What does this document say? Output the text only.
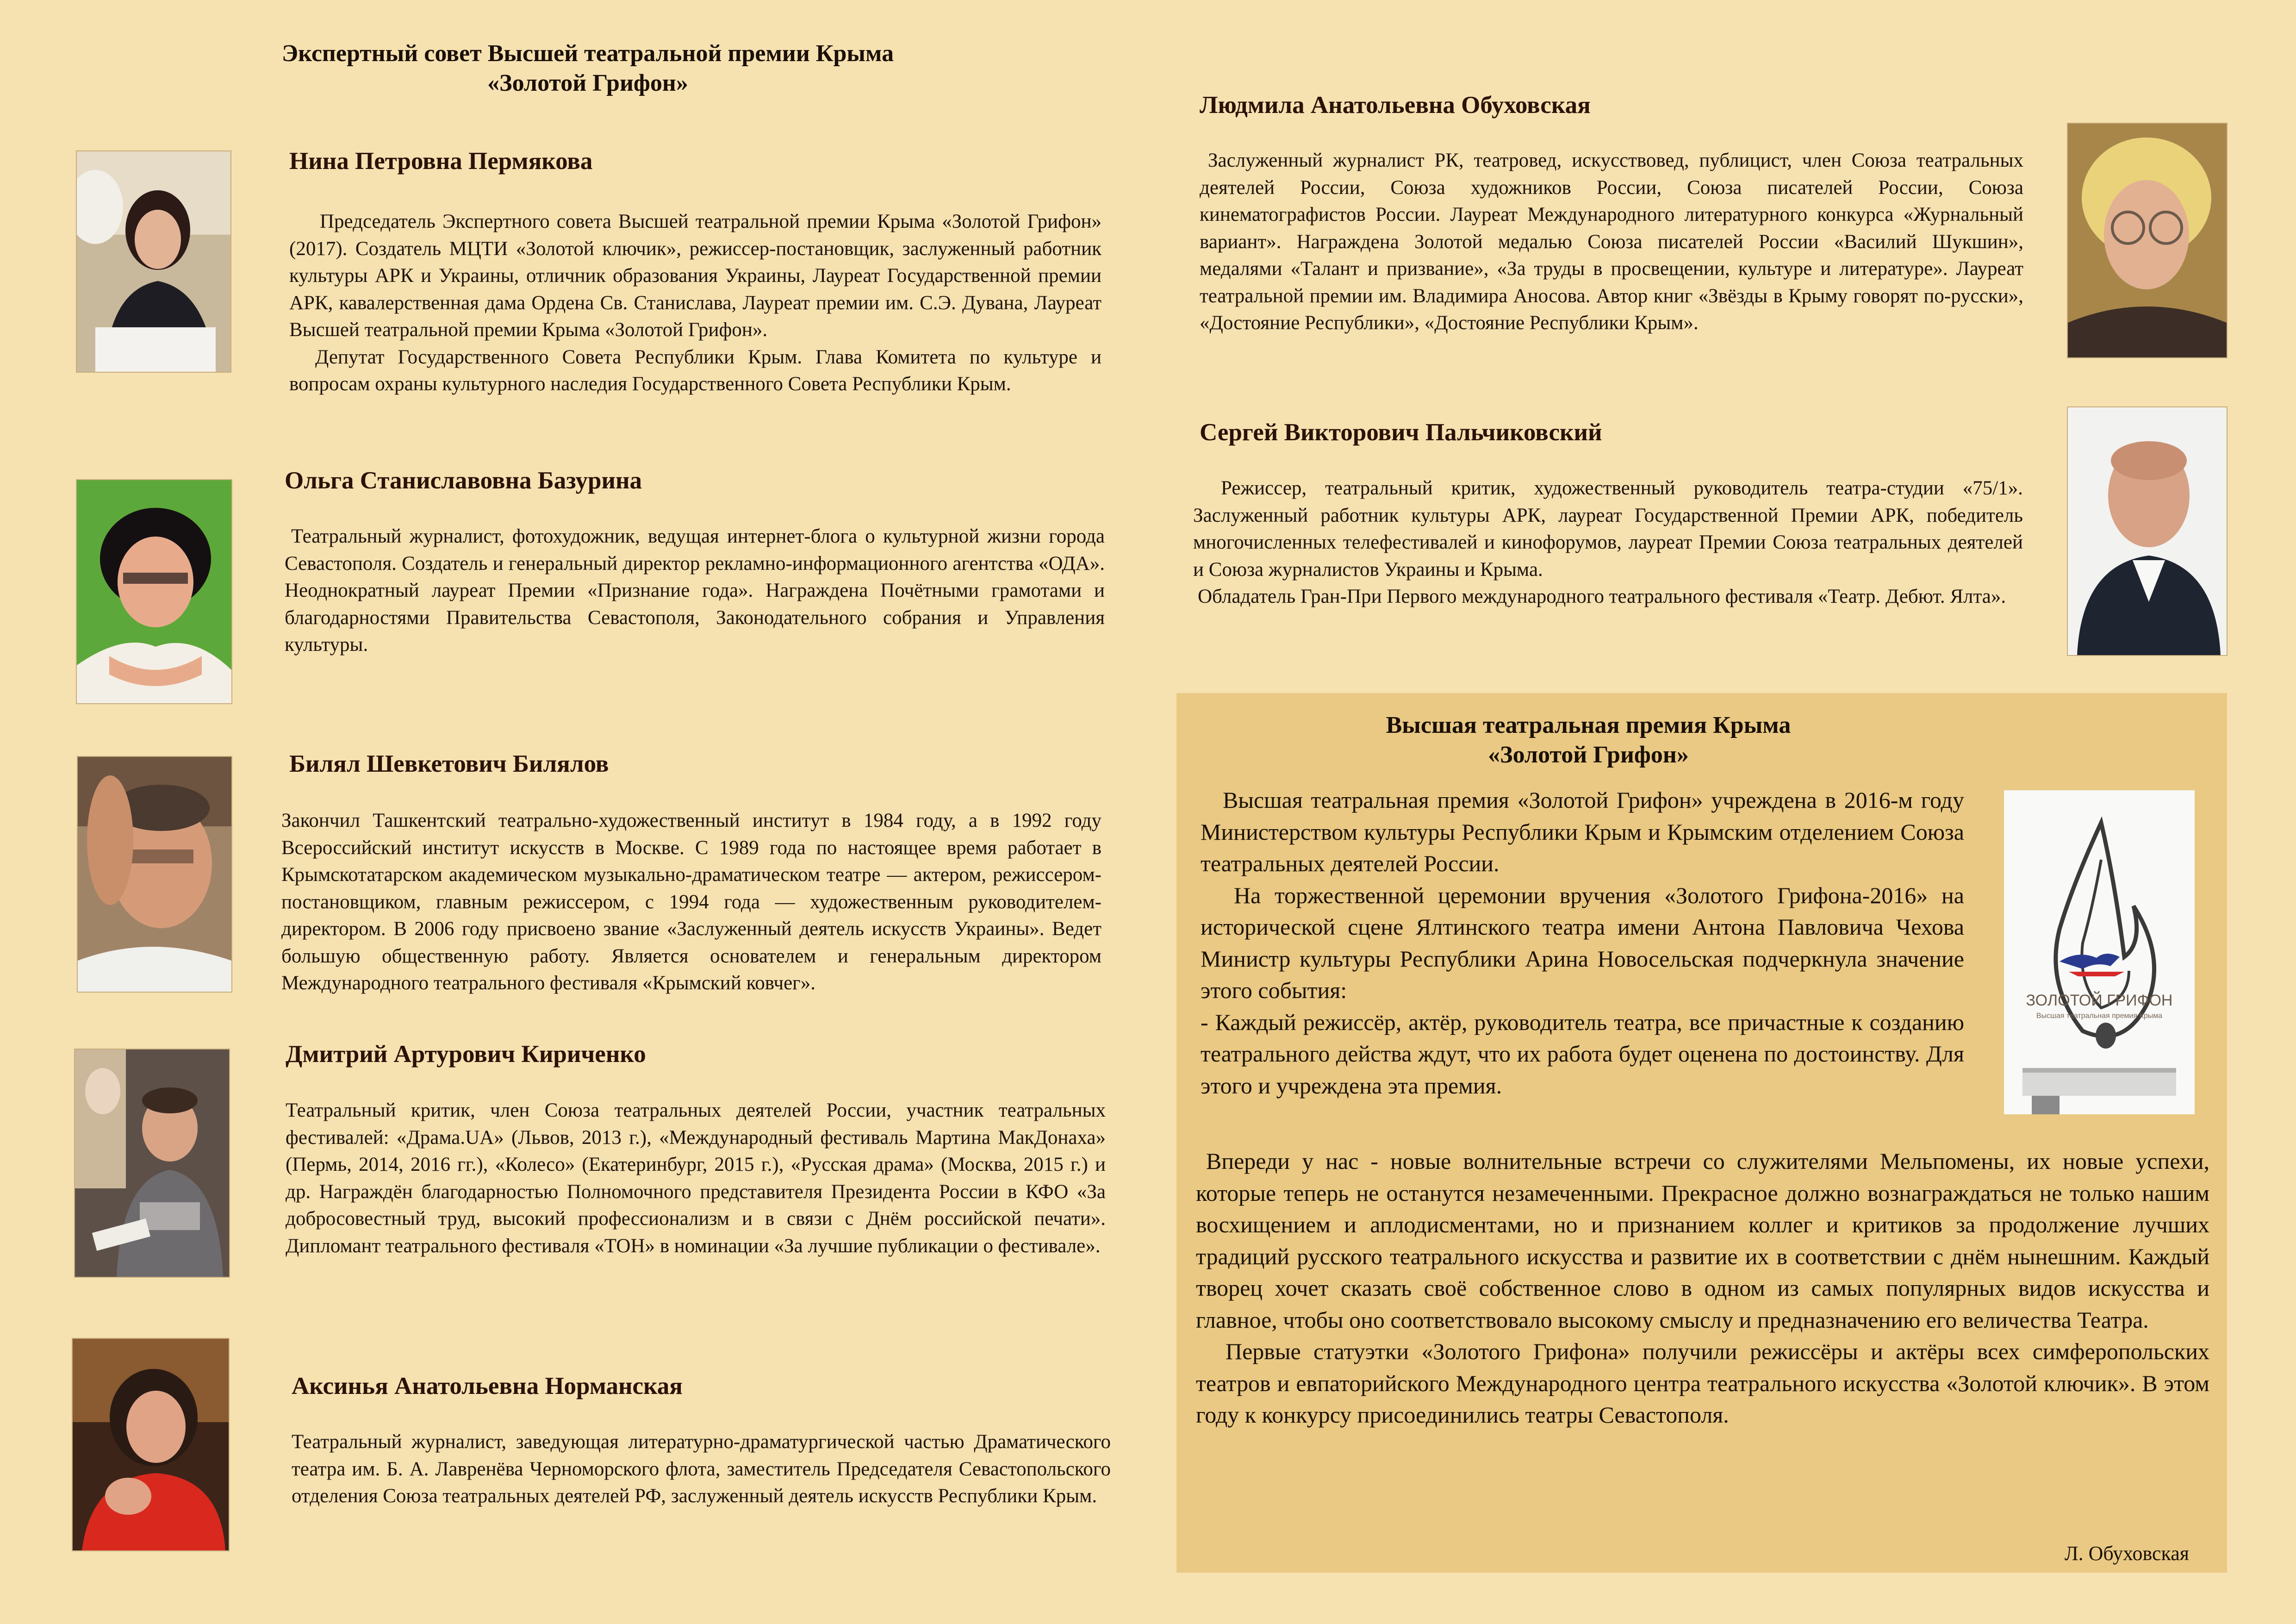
Экспертный совет Высшей театральной премии Крыма
«Золотой Грифон»
Нина Петровна Пермякова

Председатель Экспертного совета Высшей театральной премии Крыма «Золотой Грифон» (2017). Создатель МЦТИ «Золотой ключик», режиссер-постановщик, заслуженный работник культуры АРК и Украины, отличник образования Украины, Лауреат Государственной премии АРК, кавалерственная дама Ордена Св. Станислава, Лауреат премии им. С.Э. Дувана, Лауреат Высшей театральной премии Крыма «Золотой Грифон».

Депутат Государственного Совета Республики Крым. Глава Комитета по культуре и вопросам охраны культурного наследия Государственного Совета Республики Крым.

Ольга Станиславовна Базурина

Театральный журналист, фотохудожник, ведущая интернет-блога о культурной жизни города Севастополя. Создатель и генеральный директор рекламно-информационного агентства «ОДА». Неоднократный лауреат Премии «Признание года». Награждена Почётными грамотами и благодарностями Правительства Севастополя, Законодательного собрания и Управления культуры.

Билял Шевкетович Билялов

Закончил Ташкентский театрально-художественный институт в 1984 году, а в 1992 году Всероссийский институт искусств в Москве. С 1989 года по настоящее время работает в Крымскотатарском академическом музыкально-драматическом театре — актером, режиссером-постановщиком, главным режиссером, с 1994 года — художественным руководителем-директором. В 2006 году присвоено звание «Заслуженный деятель искусств Украины». Ведет большую общественную работу. Является основателем и генеральным директором Международного театрального фестиваля «Крымский ковчег».

Дмитрий Артурович Кириченко

Театральный критик, член Союза театральных деятелей России, участник театральных фестивалей: «Драма.UA» (Львов, 2013 г.), «Международный фестиваль Мартина МакДонаха» (Пермь, 2014, 2016 гг.), «Колесо» (Екатеринбург, 2015 г.), «Русская драма» (Москва, 2015 г.) и др. Награждён благодарностью Полномочного представителя Президента России в КФО «За добросовестный труд, высокий профессионализм и в связи с Днём российской печати». Дипломант театрального фестиваля «ТОН» в номинации «За лучшие публикации о фестивале».

Аксинья Анатольевна Норманская

Театральный журналист, заведующая литературно-драматургической частью Драматического театра им. Б. А. Лавренёва Черноморского флота, заместитель Председателя Севастопольского отделения Союза театральных деятелей РФ, заслуженный деятель искусств Республики Крым.

Людмила Анатольевна Обуховская

Заслуженный журналист РК, театровед, искусствовед, публицист, член Союза театральных деятелей России, Союза художников России, Союза писателей России, Союза кинематографистов России. Лауреат Международного литературного конкурса «Журнальный вариант». Награждена Золотой медалью Союза писателей России «Василий Шукшин», медалями «Талант и призвание», «За труды в просвещении, культуре и литературе». Лауреат театральной премии им. Владимира Аносова. Автор книг «Звёзды в Крыму говорят по-русски», «Достояние Республики», «Достояние Республики Крым».

Сергей Викторович Пальчиковский

Режиссер, театральный критик, художественный руководитель театра-студии «75/1». Заслуженный работник культуры АРК, лауреат Государственной Премии АРК, победитель многочисленных телефестивалей и кинофорумов, лауреат Премии Союза театральных деятелей и Союза журналистов Украины и Крыма.

Обладатель Гран-При Первого международного театрального фестиваля «Театр. Дебют. Ялта».

Высшая театральная премия Крыма
«Золотой Грифон»

Высшая театральная премия «Золотой Грифон» учреждена в 2016-м году Министерством культуры Республики Крым и Крымским отделением Союза театральных деятелей России.

На торжественной церемонии вручения «Золотого Грифона-2016» на исторической сцене Ялтинского театра имени Антона Павловича Чехова Министр культуры Республики Арина Новосельская подчеркнула значение этого события:

- Каждый режиссёр, актёр, руководитель театра, все причастные к созданию театрального действа ждут, что их работа будет оценена по достоинству. Для этого и учреждена эта премия.

ЗОЛОТОЙ ГРИФОН
Высшая театральная премия Крыма

Впереди у нас - новые волнительные встречи со служителями Мельпомены, их новые успехи, которые теперь не останутся незамеченными. Прекрасное должно вознаграждаться не только нашим восхищением и аплодисментами, но и признанием коллег и критиков за продолжение лучших традиций русского театрального искусства и развитие их в соответствии с днём нынешним. Каждый творец хочет сказать своё собственное слово в одном из самых популярных видов искусства и главное, чтобы оно соответствовало высокому смыслу и предназначению его величества Театра.

Первые статуэтки «Золотого Грифона» получили режиссёры и актёры всех симферопольских театров и евпаторийского Международного центра театрального искусства «Золотой ключик». В этом году к конкурсу присоединились театры Севастополя.

Л. Обуховская
